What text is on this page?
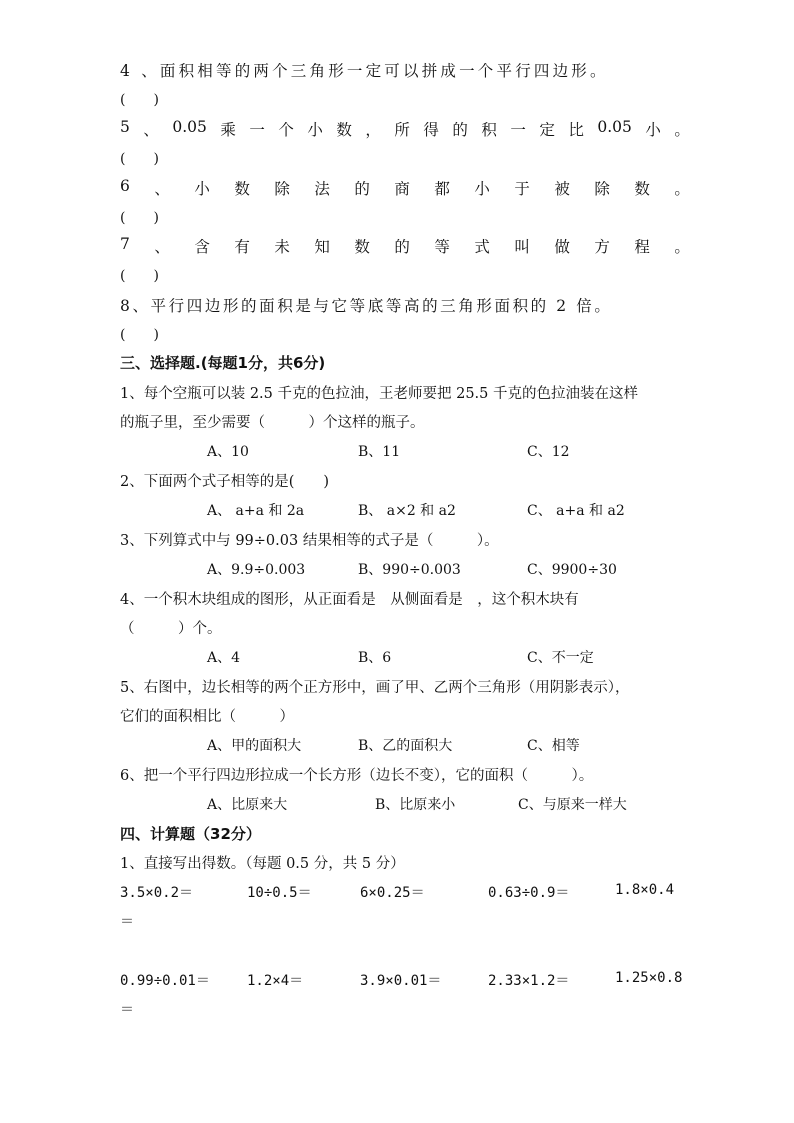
4 、面积相等的两个三角形一定可以拼成一个平行四边形。
(　　)
5 、 0.05 乘 一 个 小 数 ， 所 得 的 积 一 定 比 0.05 小 。
(　　)
6 、 小 数 除 法 的 商 都 小 于 被 除 数 。
(　　)
7 、 含 有 未 知 数 的 等 式 叫 做 方 程 。
(　　)
8、平行四边形的面积是与它等底等高的三角形面积的 2 倍。
(　　)
三、选择题.(每题1分，共6分)
1、每个空瓶可以装 2.5 千克的色拉油，王老师要把 25.5 千克的色拉油装在这样
的瓶子里，至少需要（　　　）个这样的瓶子。
A、10	B、11	C、12
2、下面两个式子相等的是(　　)
A、 a+a 和 2a	B、 a×2 和 a2	C、 a+a 和 a2
3、下列算式中与 99÷0.03 结果相等的式子是（　　　）。
A、9.9÷0.003	B、990÷0.003	C、9900÷30
4、一个积木块组成的图形，从正面看是　从侧面看是　，这个积木块有
（　　　）个。
A、4	B、6	C、不一定
5、右图中，边长相等的两个正方形中，画了甲、乙两个三角形（用阴影表示），
它们的面积相比（　　　）
A、甲的面积大	B、乙的面积大	C、相等
6、把一个平行四边形拉成一个长方形（边长不变），它的面积（　　　）。
A、比原来大	B、比原来小	C、与原来一样大
四、计算题（32分）
1、直接写出得数。（每题 0.5 分，共 5 分）
3.5×0.2＝	10÷0.5＝	6×0.25＝	0.63÷0.9＝	1.8×0.4
＝
0.99÷0.01＝	1.2×4＝	3.9×0.01＝	2.33×1.2＝	1.25×0.8
＝
